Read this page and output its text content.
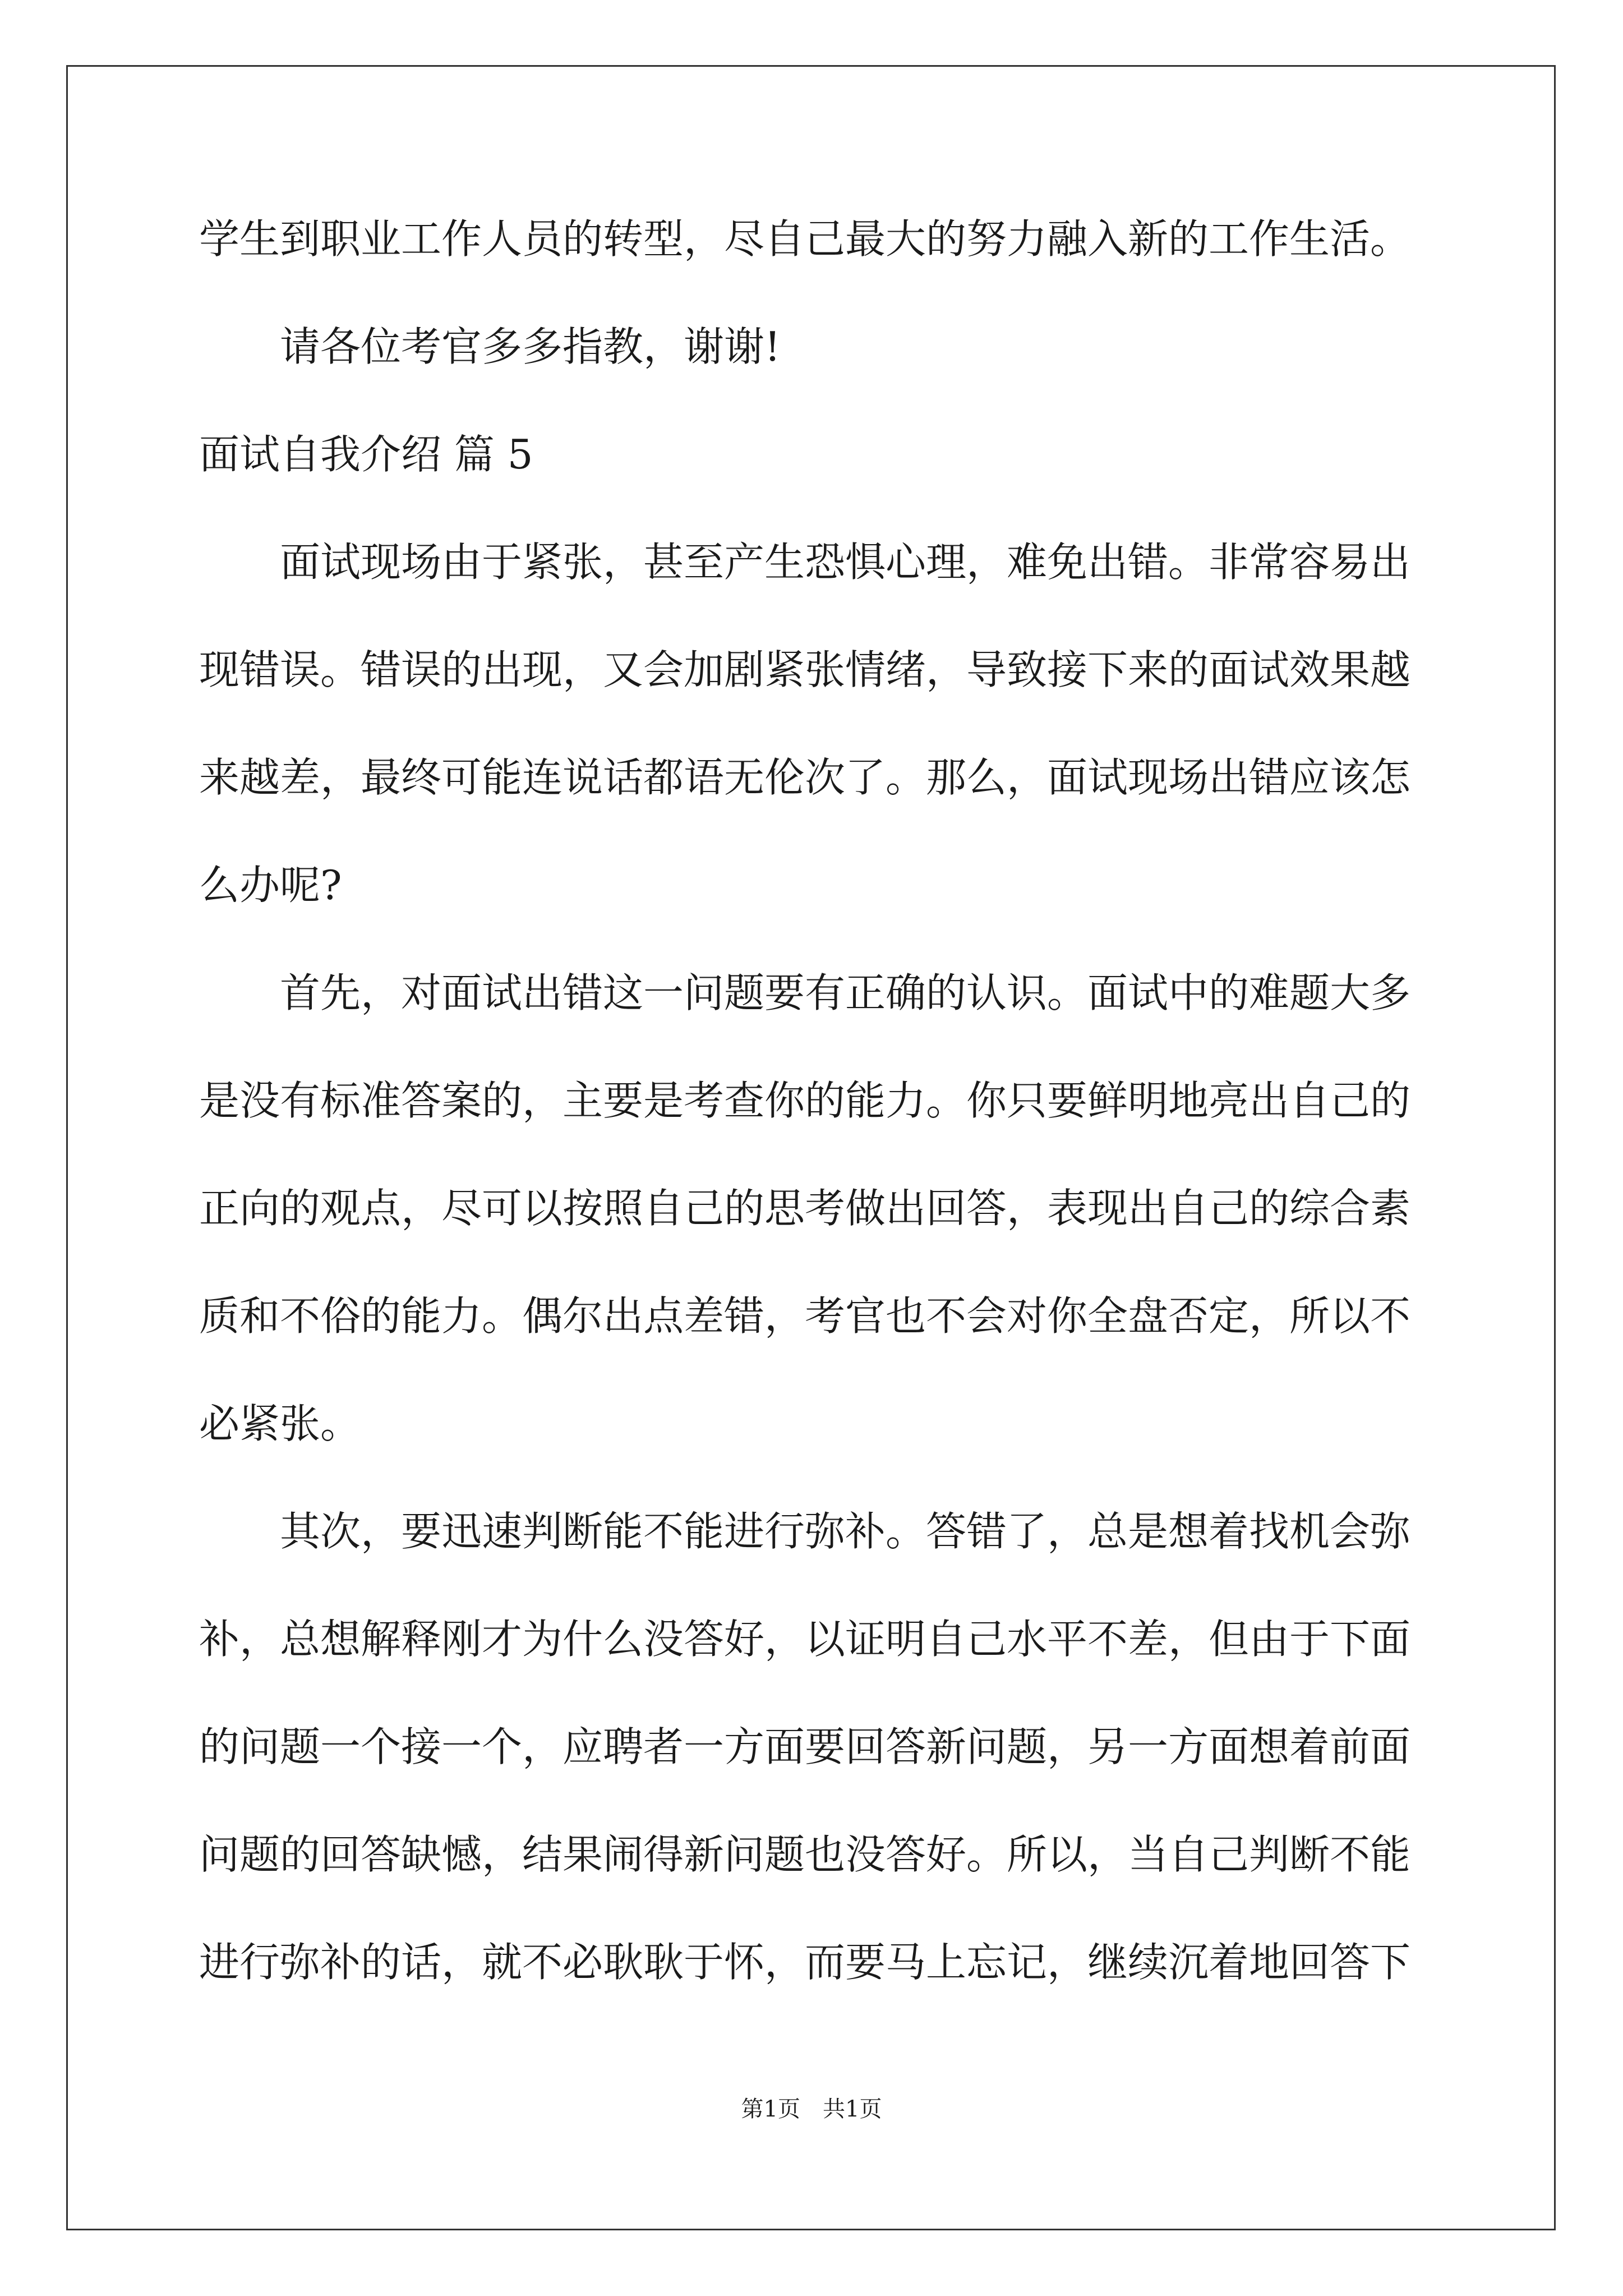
学生到职业工作人员的转型，尽自己最大的努力融入新的工作生活。
请各位考官多多指教，谢谢!
面试自我介绍 篇 5
面试现场由于紧张，甚至产生恐惧心理，难免出错。非常容易出
现错误。错误的出现，又会加剧紧张情绪，导致接下来的面试效果越
来越差，最终可能连说话都语无伦次了。那么，面试现场出错应该怎
么办呢?
首先，对面试出错这一问题要有正确的认识。面试中的难题大多
是没有标准答案的，主要是考查你的能力。你只要鲜明地亮出自己的
正向的观点，尽可以按照自己的思考做出回答，表现出自己的综合素
质和不俗的能力。偶尔出点差错，考官也不会对你全盘否定，所以不
必紧张。
其次，要迅速判断能不能进行弥补。答错了，总是想着找机会弥
补，总想解释刚才为什么没答好，以证明自己水平不差，但由于下面
的问题一个接一个，应聘者一方面要回答新问题，另一方面想着前面
问题的回答缺憾，结果闹得新问题也没答好。所以，当自己判断不能
进行弥补的话，就不必耿耿于怀，而要马上忘记，继续沉着地回答下
第1页　共1页
